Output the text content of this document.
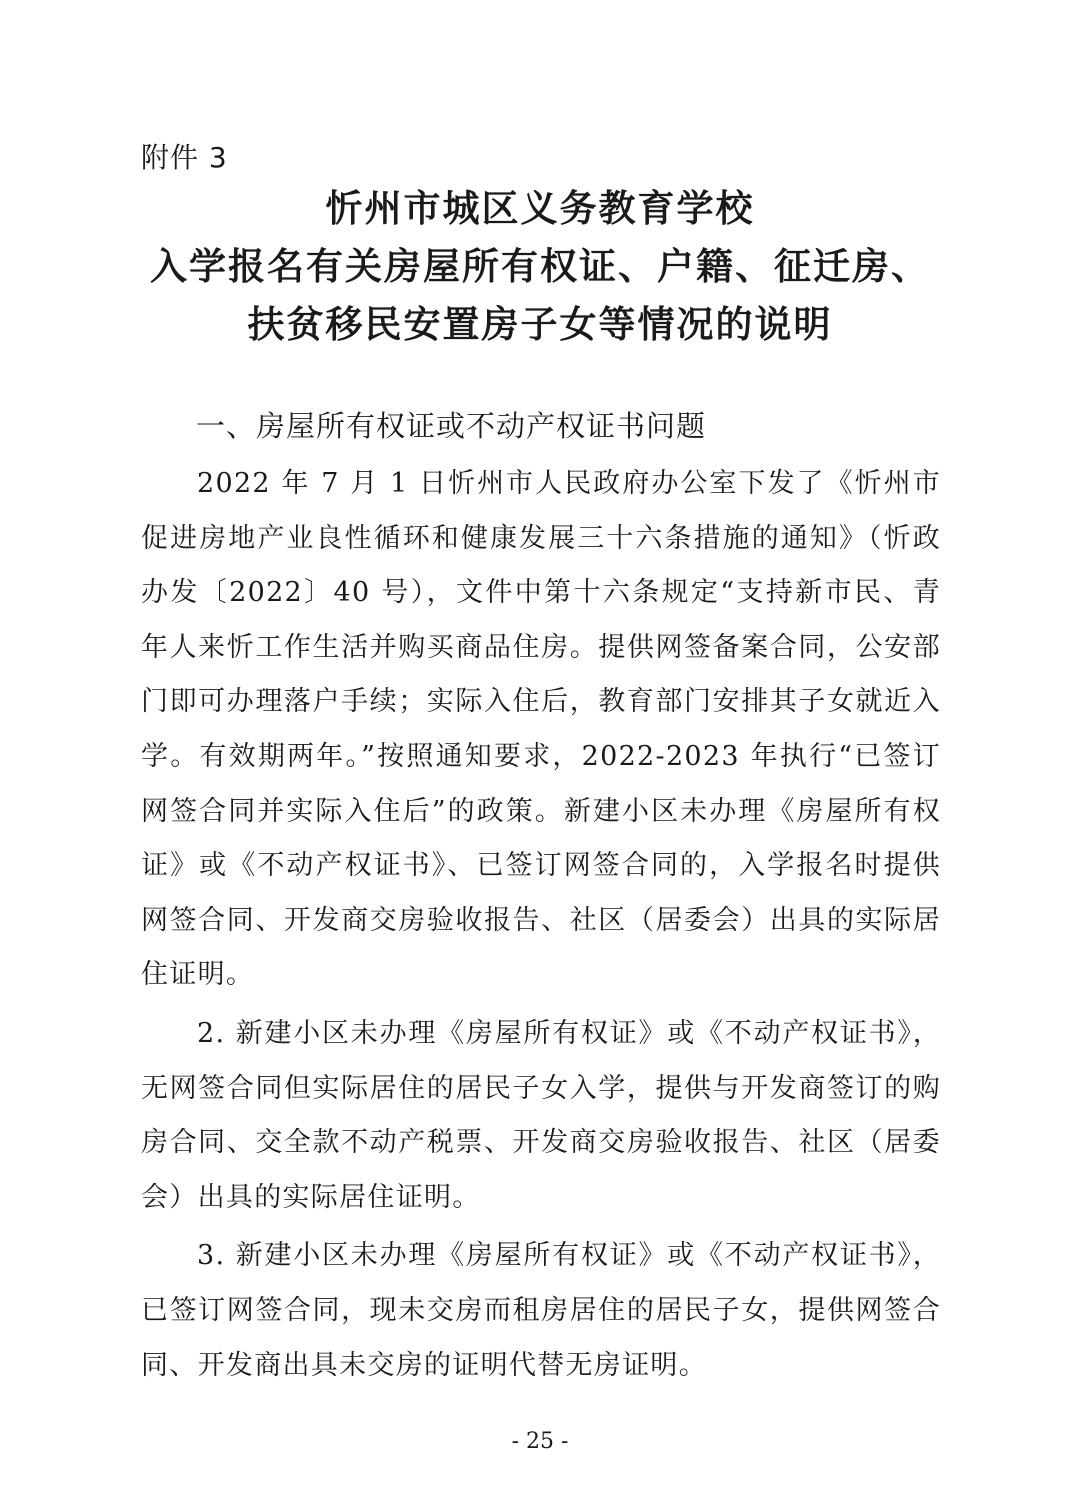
附件 3
忻州市城区义务教育学校
入学报名有关房屋所有权证、户籍、征迁房、
扶贫移民安置房子女等情况的说明
一、房屋所有权证或不动产权证书问题

2022 年 7 月 1 日忻州市人民政府办公室下发了《忻州市促进房地产业良性循环和健康发展三十六条措施的通知》（忻政办发〔2022〕40 号），文件中第十六条规定“支持新市民、青年人来忻工作生活并购买商品住房。提供网签备案合同，公安部门即可办理落户手续；实际入住后，教育部门安排其子女就近入学。有效期两年。”按照通知要求，2022-2023 年执行“已签订网签合同并实际入住后”的政策。新建小区未办理《房屋所有权证》或《不动产权证书》、已签订网签合同的，入学报名时提供网签合同、开发商交房验收报告、社区（居委会）出具的实际居住证明。

2. 新建小区未办理《房屋所有权证》或《不动产权证书》，无网签合同但实际居住的居民子女入学，提供与开发商签订的购房合同、交全款不动产税票、开发商交房验收报告、社区（居委会）出具的实际居住证明。

3. 新建小区未办理《房屋所有权证》或《不动产权证书》，已签订网签合同，现未交房而租房居住的居民子女，提供网签合同、开发商出具未交房的证明代替无房证明。

- 25 -
